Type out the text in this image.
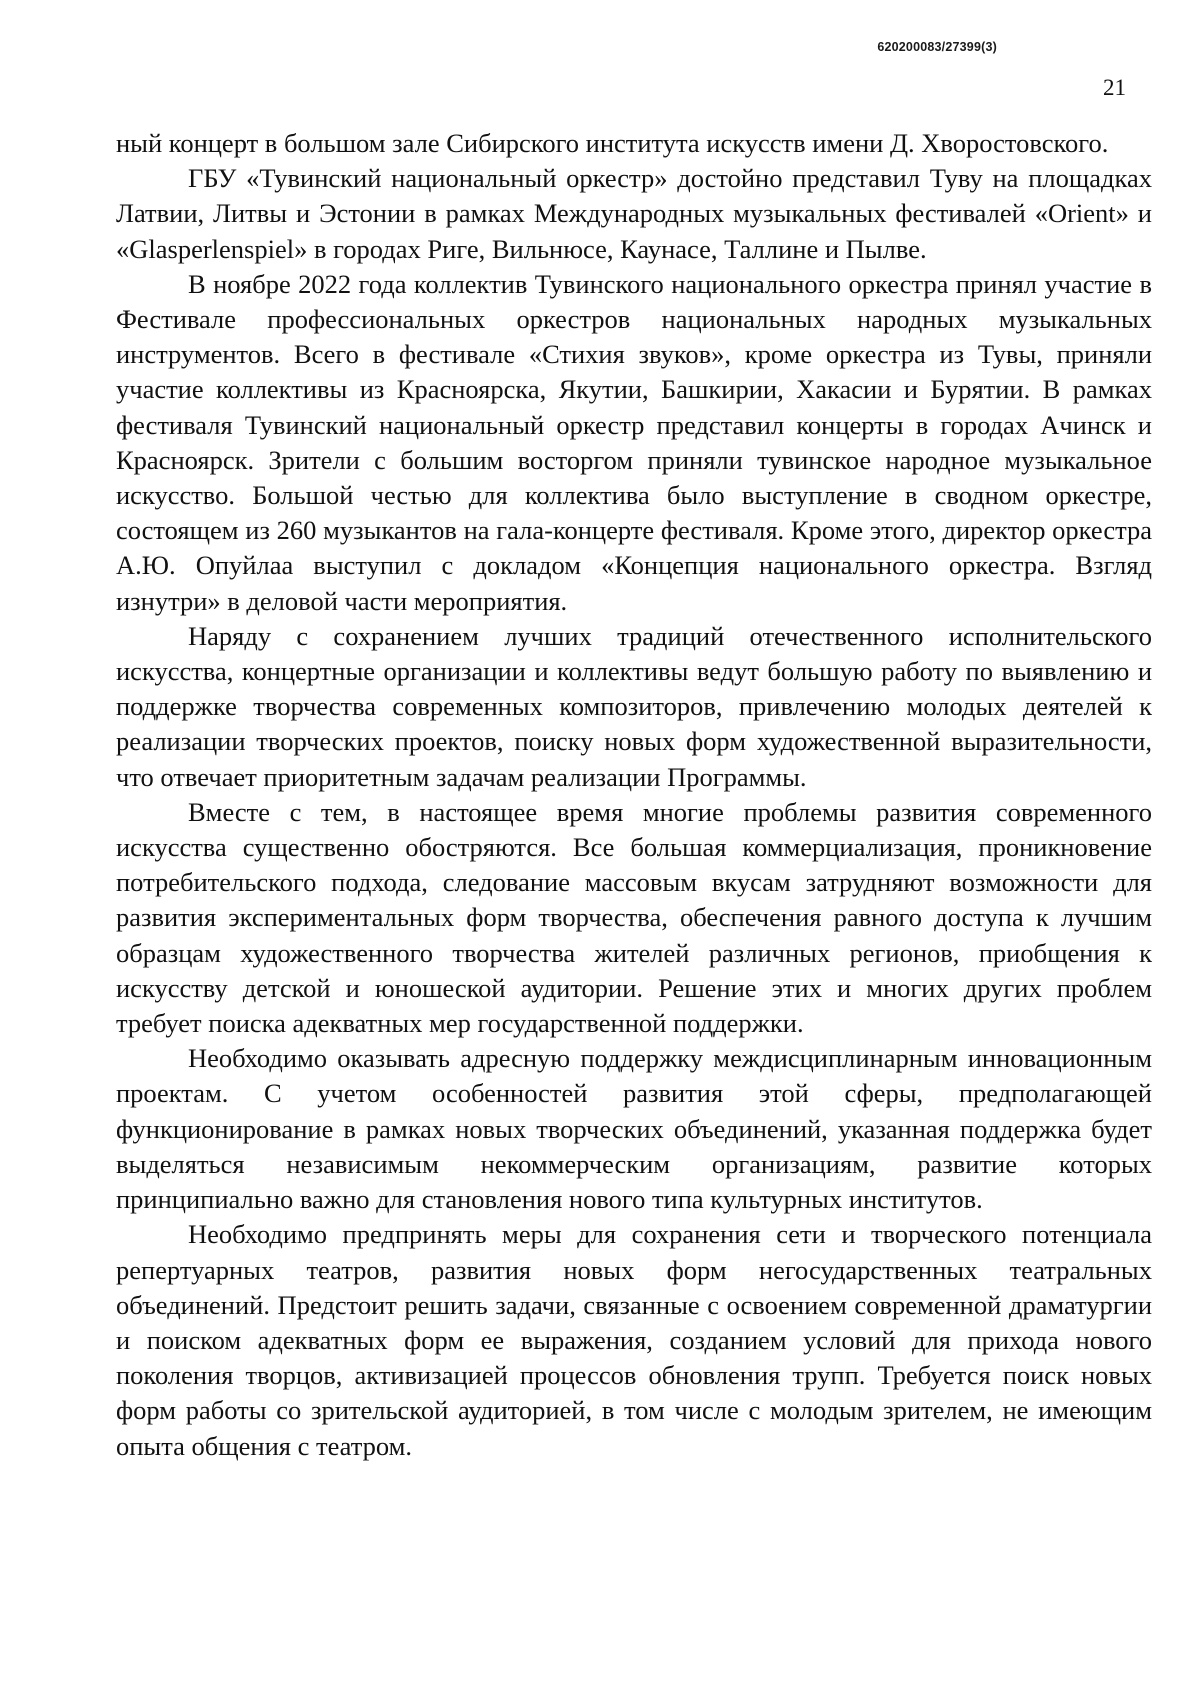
620200083/27399(3)
21

ный концерт в большом зале Сибирского института искусств имени Д. Хворостовского.

ГБУ «Тувинский национальный оркестр» достойно представил Туву на площадках Латвии, Литвы и Эстонии в рамках Международных музыкальных фестивалей «Orient» и «Glasperlenspiel» в городах Риге, Вильнюсе, Каунасе, Таллине и Пылве.

В ноябре 2022 года коллектив Тувинского национального оркестра принял участие в Фестивале профессиональных оркестров национальных народных музыкальных инструментов. Всего в фестивале «Стихия звуков», кроме оркестра из Тувы, приняли участие коллективы из Красноярска, Якутии, Башкирии, Хакасии и Бурятии. В рамках фестиваля Тувинский национальный оркестр представил концерты в городах Ачинск и Красноярск. Зрители с большим восторгом приняли тувинское народное музыкальное искусство. Большой честью для коллектива было выступление в сводном оркестре, состоящем из 260 музыкантов на гала-концерте фестиваля. Кроме этого, директор оркестра А.Ю. Опуйлаа выступил с докладом «Концепция национального оркестра. Взгляд изнутри» в деловой части мероприятия.

Наряду с сохранением лучших традиций отечественного исполнительского искусства, концертные организации и коллективы ведут большую работу по выявлению и поддержке творчества современных композиторов, привлечению молодых деятелей к реализации творческих проектов, поиску новых форм художественной выразительности, что отвечает приоритетным задачам реализации Программы.

Вместе с тем, в настоящее время многие проблемы развития современного искусства существенно обостряются. Все большая коммерциализация, проникновение потребительского подхода, следование массовым вкусам затрудняют возможности для развития экспериментальных форм творчества, обеспечения равного доступа к лучшим образцам художественного творчества жителей различных регионов, приобщения к искусству детской и юношеской аудитории. Решение этих и многих других проблем требует поиска адекватных мер государственной поддержки.

Необходимо оказывать адресную поддержку междисциплинарным инновационным проектам. С учетом особенностей развития этой сферы, предполагающей функционирование в рамках новых творческих объединений, указанная поддержка будет выделяться независимым некоммерческим организациям, развитие которых принципиально важно для становления нового типа культурных институтов.

Необходимо предпринять меры для сохранения сети и творческого потенциала репертуарных театров, развития новых форм негосударственных театральных объединений. Предстоит решить задачи, связанные с освоением современной драматургии и поиском адекватных форм ее выражения, созданием условий для прихода нового поколения творцов, активизацией процессов обновления трупп. Требуется поиск новых форм работы со зрительской аудиторией, в том числе с молодым зрителем, не имеющим опыта общения с театром.
